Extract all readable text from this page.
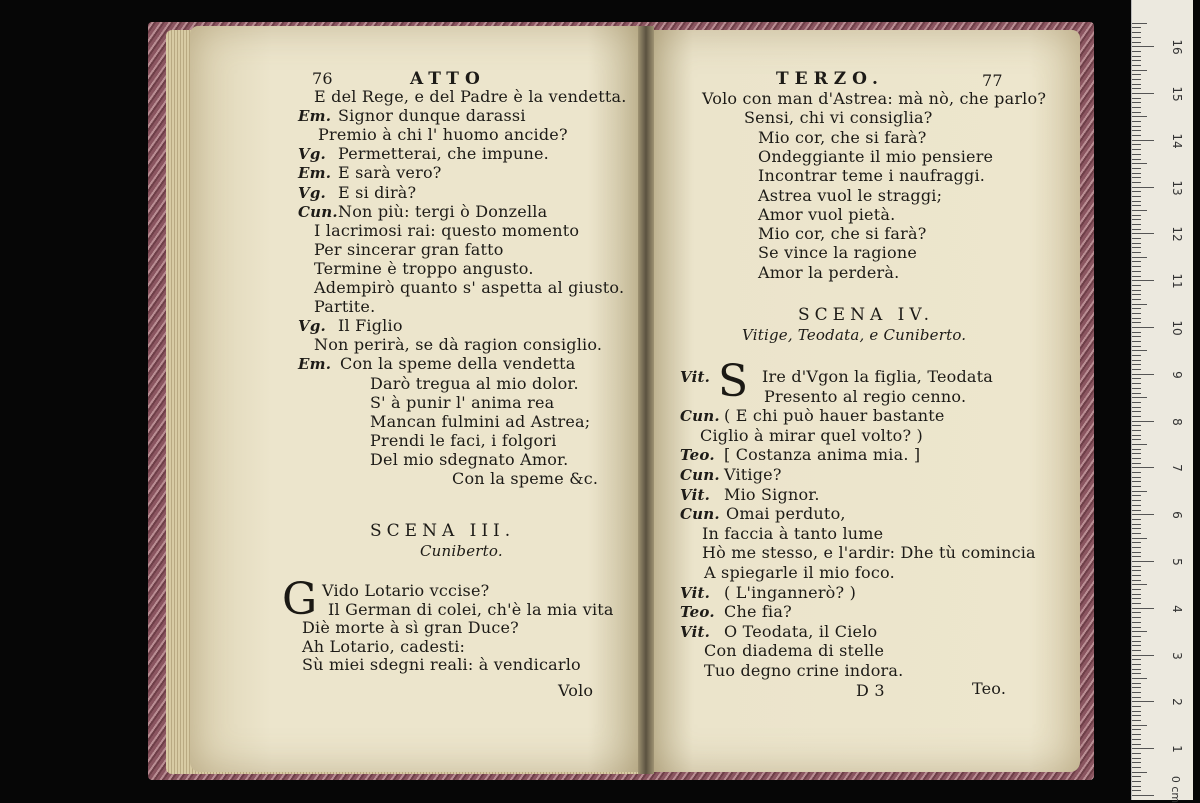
76	ATTO
E del Rege, e del Padre è la vendetta.
Em. Signor dunque darassi
Premio à chi l' huomo ancide?
Vg. Permetterai, che impune.
Em. E sarà vero?
Vg. E si dirà?
Cun.Non più: tergi ò Donzella
I lacrimosi rai: questo momento
Per sincerar gran fatto
Termine è troppo angusto.
Adempirò quanto s' aspetta al giusto.
Partite.
Vg. Il Figlio
Non perirà, se dà ragion consiglio.
Em. Con la speme della vendetta
Darò tregua al mio dolor.
S' à punir l' anima rea
Mancan fulmini ad Astrea;
Prendi le faci, i folgori
Del mio sdegnato Amor.
Con la speme &c.
SCENA III.
Cuniberto.
G Vido Lotario vccise?
Il German di colei, ch'è la mia vita
Diè morte à sì gran Duce?
Ah Lotario, cadesti:
Sù miei sdegni reali: à vendicarlo
Volo
TERZO.	77
Volo con man d'Astrea: mà nò, che parlo?
Sensi, chi vi consiglia?
Mio cor, che si farà?
Ondeggiante il mio pensiere
Incontrar teme i naufraggi.
Astrea vuol le straggi;
Amor vuol pietà.
Mio cor, che si farà?
Se vince la ragione
Amor la perderà.
SCENA IV.
Vitige, Teodata, e Cuniberto.
S
Vit.	Ire d'Vgon la figlia, Teodata
Presento al regio cenno.
Cun. ( E chi può hauer bastante
Ciglio à mirar quel volto? )
Teo. [ Costanza anima mia. ]
Cun. Vitige?
Vit. Mio Signor.
Cun. Omai perduto,
In faccia à tanto lume
Hò me stesso, e l'ardir: Dhe tù comincia
A spiegarle il mio foco.
Vit. ( L'ingannerò? )
Teo. Che fia?
Vit. O Teodata, il Cielo
Con diadema di stelle
Tuo degno crine indora.
D 3	Teo.
0 cm
16
15
14
13
12
11
10
9
8
7
6
5
4
3
2
1
